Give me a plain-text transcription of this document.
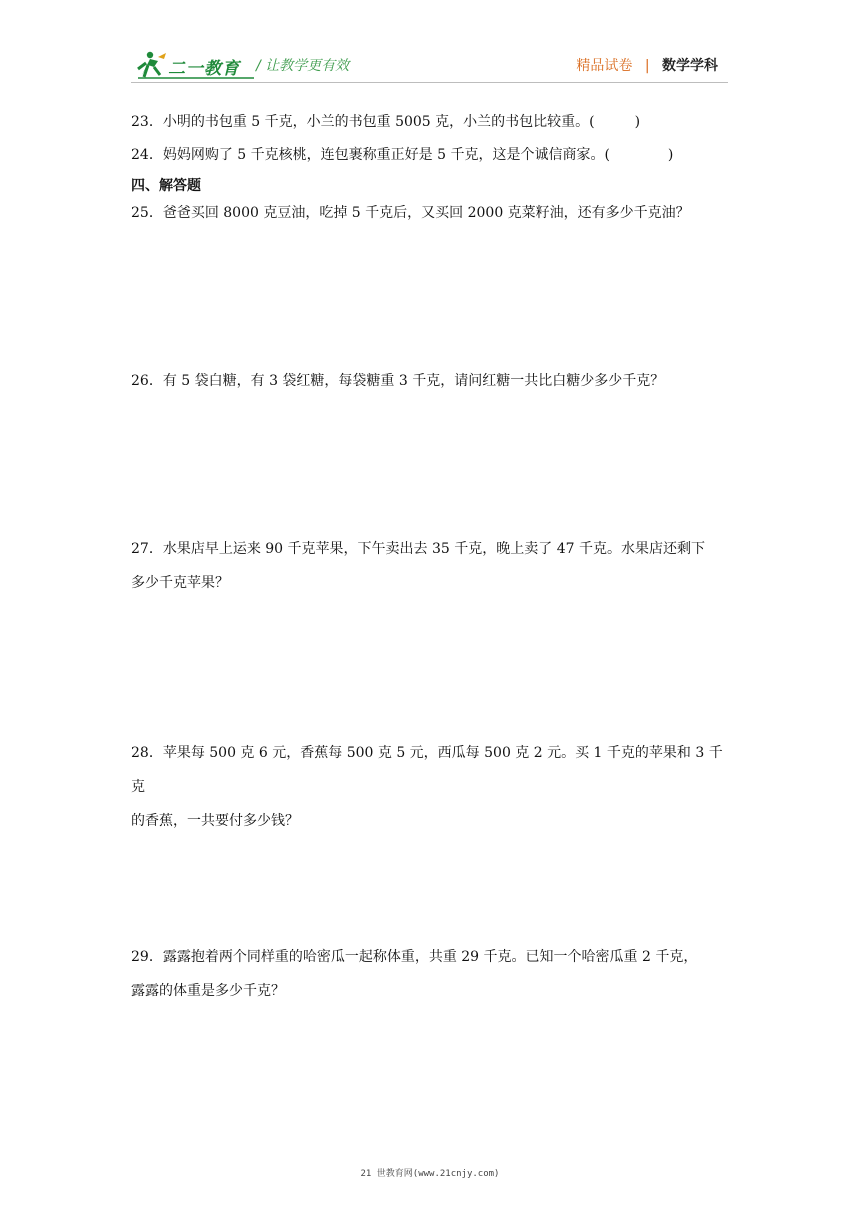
二一教育 / 让教学更有效	精品试卷 | 数学学科
23．小明的书包重 5 千克，小兰的书包重 5005 克，小兰的书包比较重。(	)
24．妈妈网购了 5 千克核桃，连包裹称重正好是 5 千克，这是个诚信商家。(	)
四、解答题
25．爸爸买回 8000 克豆油，吃掉 5 千克后，又买回 2000 克菜籽油，还有多少千克油？
26．有 5 袋白糖，有 3 袋红糖，每袋糖重 3 千克，请问红糖一共比白糖少多少千克？
27．水果店早上运来 90 千克苹果，下午卖出去 35 千克，晚上卖了 47 千克。水果店还剩下
多少千克苹果？
28．苹果每 500 克 6 元，香蕉每 500 克 5 元，西瓜每 500 克 2 元。买 1 千克的苹果和 3 千克
的香蕉，一共要付多少钱？
29．露露抱着两个同样重的哈密瓜一起称体重，共重 29 千克。已知一个哈密瓜重 2 千克，
露露的体重是多少千克？
21 世教育网(www.21cnjy.com)
